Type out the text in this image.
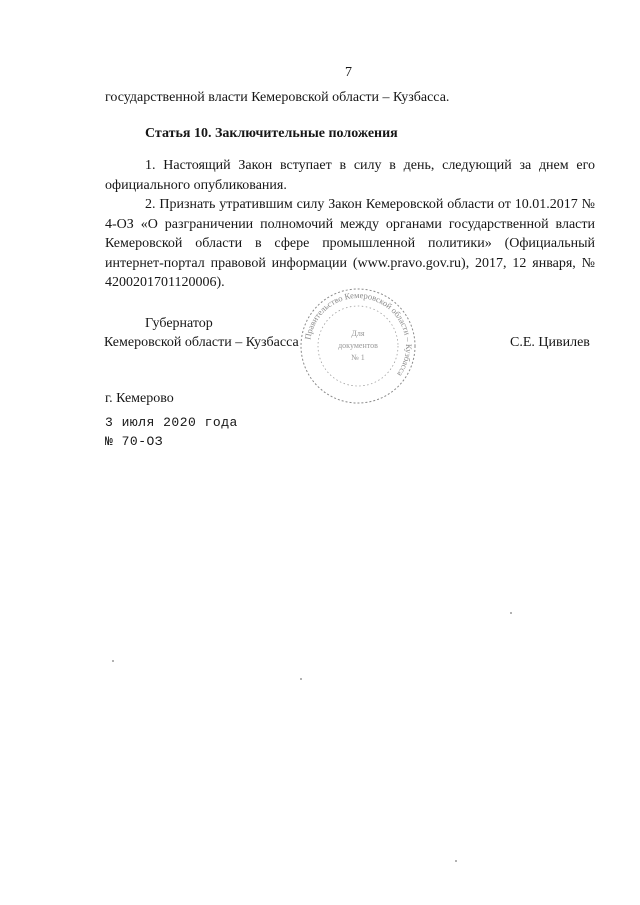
7
государственной власти Кемеровской области – Кузбасса.
Статья 10. Заключительные положения
1. Настоящий Закон вступает в силу в день, следующий за днем его официального опубликования.
2. Признать утратившим силу Закон Кемеровской области от 10.01.2017 № 4-ОЗ «О разграничении полномочий между органами государственной власти Кемеровской области в сфере промышленной политики» (Официальный интернет-портал правовой информации (www.pravo.gov.ru), 2017, 12 января, № 4200201701120006).
Губернатор
Кемеровской области – Кузбасса	С.Е. Цивилев
Правительство Кемеровской области – Кузбасса
Для
документов
№ 1
г. Кемерово
3 июля 2020 года
№ 70-ОЗ
